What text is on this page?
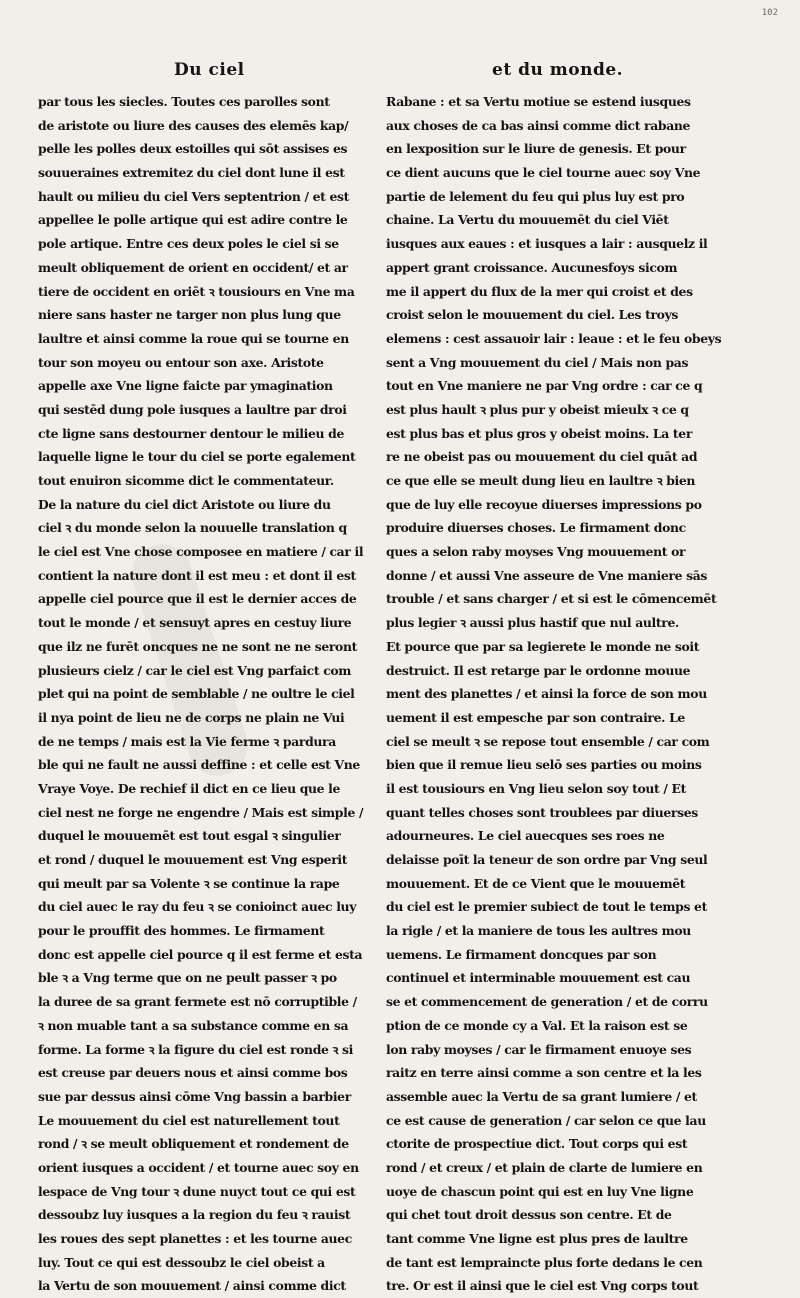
102
Du ciel	et du monde.
par tous les siecles. Toutes ces parolles sont
de aristote ou liure des causes des elemēs kap/
pelle les polles deux estoilles qui sōt assises es
souueraines extremitez du ciel dont lune il est
hault ou milieu du ciel Vers septentrion / et est
appellee le polle artique qui est adire contre le
pole artique. Entre ces deux poles le ciel si se
meult obliquement de orient en occident/ et ar
tiere de occident en oriēt ꝛ tousiours en Vne ma
niere sans haster ne targer non plus lung que
laultre et ainsi comme la roue qui se tourne en
tour son moyeu ou entour son axe. Aristote
appelle axe Vne ligne faicte par ymagination
qui sestēd dung pole iusques a laultre par droi
cte ligne sans destourner dentour le milieu de
laquelle ligne le tour du ciel se porte egalement
tout enuiron sicomme dict le commentateur.
De la nature du ciel dict Aristote ou liure du
ciel ꝛ du monde selon la nouuelle translation q
le ciel est Vne chose composee en matiere / car il
contient la nature dont il est meu : et dont il est
appelle ciel pource que il est le dernier acces de
tout le monde / et sensuyt apres en cestuy liure
que ilz ne furēt oncques ne ne sont ne ne seront
plusieurs cielz / car le ciel est Vng parfaict com
plet qui na point de semblable / ne oultre le ciel
il nya point de lieu ne de corps ne plain ne Vui
de ne temps / mais est la Vie ferme ꝛ pardura
ble qui ne fault ne aussi deffine : et celle est Vne
Vraye Voye. De rechief il dict en ce lieu que le
ciel nest ne forge ne engendre / Mais est simple /
duquel le mouuemēt est tout esgal ꝛ singulier
et rond / duquel le mouuement est Vng esperit
qui meult par sa Volente ꝛ se continue la rape
du ciel auec le ray du feu ꝛ se conioinct auec luy
pour le prouffit des hommes. Le firmament
donc est appelle ciel pource q il est ferme et esta
ble ꝛ a Vng terme que on ne peult passer ꝛ po
la duree de sa grant fermete est nō corruptible /
ꝛ non muable tant a sa substance comme en sa
forme. La forme ꝛ la figure du ciel est ronde ꝛ si
est creuse par deuers nous et ainsi comme bos
sue par dessus ainsi cōme Vng bassin a barbier
Le mouuement du ciel est naturellement tout
rond / ꝛ se meult obliquement et rondement de
orient iusques a occident / et tourne auec soy en
lespace de Vng tour ꝛ dune nuyct tout ce qui est
dessoubz luy iusques a la region du feu ꝛ rauist
les roues des sept planettes : et les tourne auec
luy. Tout ce qui est dessoubz le ciel obeist a
la Vertu de son mouuement / ainsi comme dict
Rabane : et sa Vertu motiue se estend iusques
aux choses de ca bas ainsi comme dict rabane
en lexposition sur le liure de genesis. Et pour
ce dient aucuns que le ciel tourne auec soy Vne
partie de lelement du feu qui plus luy est pro
chaine. La Vertu du mouuemēt du ciel Viēt
iusques aux eaues : et iusques a lair : ausquelz il
appert grant croissance. Aucunesfoys sicom
me il appert du flux de la mer qui croist et des
croist selon le mouuement du ciel. Les troys
elemens : cest assauoir lair : leaue : et le feu obeys
sent a Vng mouuement du ciel / Mais non pas
tout en Vne maniere ne par Vng ordre : car ce q
est plus hault ꝛ plus pur y obeist mieulx ꝛ ce q
est plus bas et plus gros y obeist moins. La ter
re ne obeist pas ou mouuement du ciel quāt ad
ce que elle se meult dung lieu en laultre ꝛ bien
que de luy elle recoyue diuerses impressions po
produire diuerses choses. Le firmament donc
ques a selon raby moyses Vng mouuement or
donne / et aussi Vne asseure de Vne maniere sās
trouble / et sans charger / et si est le cōmencemēt
plus legier ꝛ aussi plus hastif que nul aultre.
Et pource que par sa legierete le monde ne soit
destruict. Il est retarge par le ordonne mouue
ment des planettes / et ainsi la force de son mou
uement il est empesche par son contraire. Le
ciel se meult ꝛ se repose tout ensemble / car com
bien que il remue lieu selō ses parties ou moins
il est tousiours en Vng lieu selon soy tout / Et
quant telles choses sont troublees par diuerses
adourneures. Le ciel auecques ses roes ne
delaisse poīt la teneur de son ordre par Vng seul
mouuement. Et de ce Vient que le mouuemēt
du ciel est le premier subiect de tout le temps et
la rigle / et la maniere de tous les aultres mou
uemens. Le firmament doncques par son
continuel et interminable mouuement est cau
se et commencement de generation / et de corru
ption de ce monde cy a Val. Et la raison est se
lon raby moyses / car le firmament enuoye ses
raitz en terre ainsi comme a son centre et la les
assemble auec la Vertu de sa grant lumiere / et
ce est cause de generation / car selon ce que lau
ctorite de prospectiue dict. Tout corps qui est
rond / et creux / et plain de clarte de lumiere en
uoye de chascun point qui est en luy Vne ligne
qui chet tout droit dessus son centre. Et de
tant comme Vne ligne est plus pres de laultre
de tant est lempraincte plus forte dedans le cen
tre. Or est il ainsi que le ciel est Vng corps tout
